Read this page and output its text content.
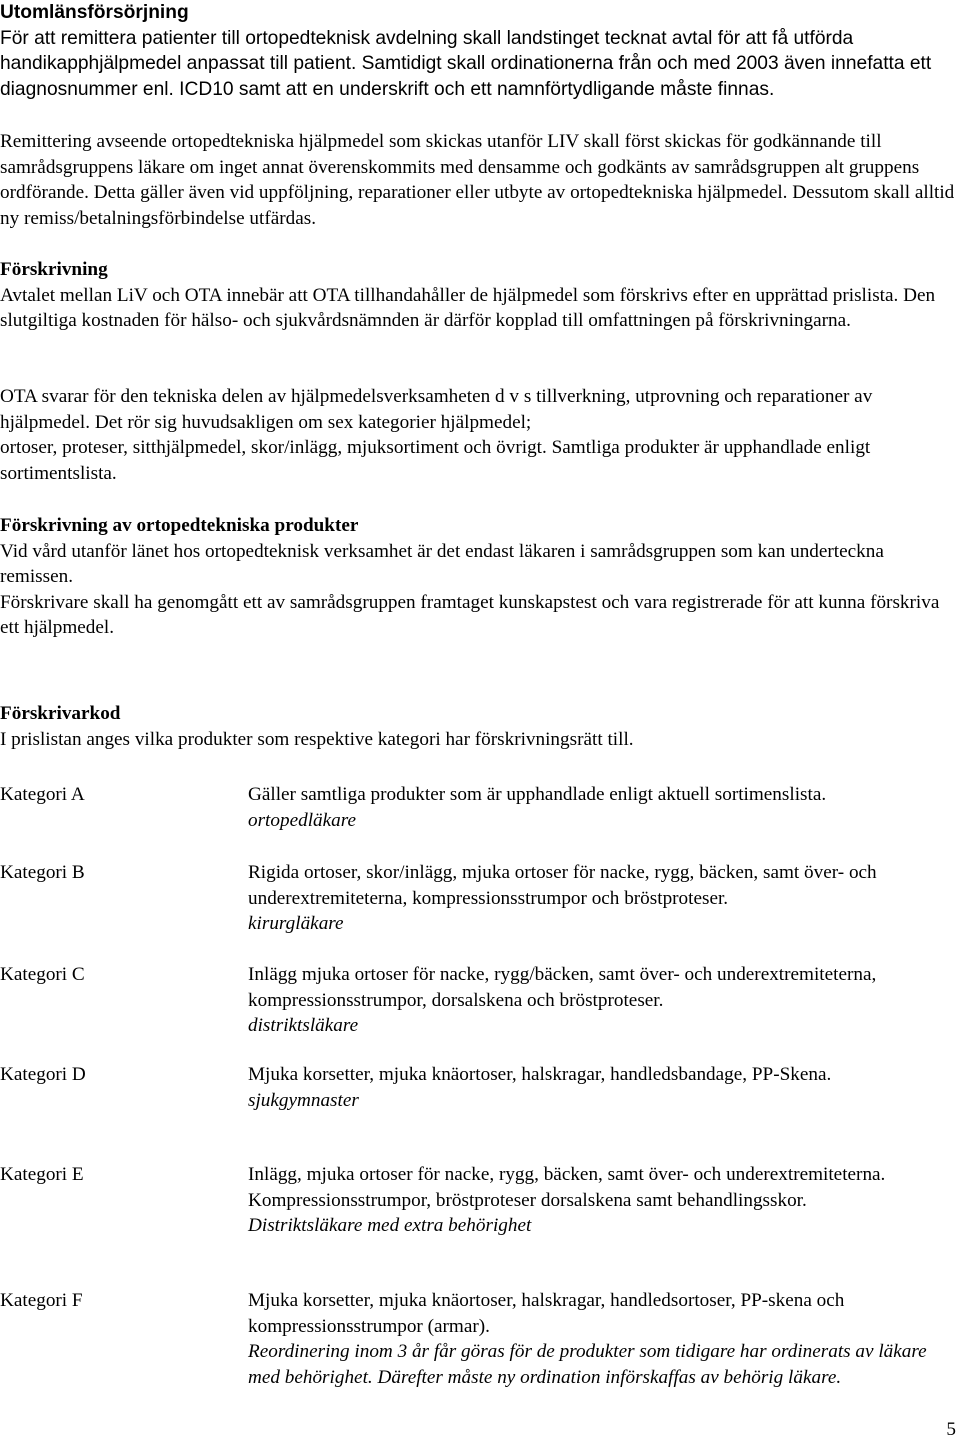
Utomlänsförsörjning

För att remittera patienter till ortopedteknisk avdelning skall landstinget tecknat avtal för att få utförda handikapphjälpmedel anpassat till patient. Samtidigt skall ordinationerna från och med 2003 även innefatta ett diagnosnummer enl. ICD10 samt att en underskrift och ett namnförtydligande måste finnas.

Remittering avseende ortopedtekniska hjälpmedel som skickas utanför LIV skall först skickas för godkännande till samrådsgruppens läkare om inget annat överenskommits med densamme och godkänts av samrådsgruppen alt gruppens ordförande. Detta gäller även vid uppföljning, reparationer eller utbyte av ortopedtekniska hjälpmedel. Dessutom skall alltid ny remiss/betalningsförbindelse utfärdas.

Förskrivning

Avtalet mellan LiV och OTA innebär att OTA tillhandahåller de hjälpmedel som förskrivs efter en upprättad prislista. Den slutgiltiga kostnaden för hälso- och sjukvårdsnämnden är därför kopplad till omfattningen på förskrivningarna.

OTA svarar för den tekniska delen av hjälpmedelsverksamheten d v s tillverkning, utprovning och reparationer av hjälpmedel. Det rör sig huvudsakligen om sex kategorier hjälpmedel;

ortoser, proteser, sitthjälpmedel, skor/inlägg, mjuksortiment och övrigt. Samtliga produkter är upphandlade enligt sortimentslista.

Förskrivning av ortopedtekniska produkter

Vid vård utanför länet hos ortopedteknisk verksamhet är det endast läkaren i samrådsgruppen som kan underteckna remissen.

Förskrivare skall ha genomgått ett av samrådsgruppen framtaget kunskapstest och vara registrerade för att kunna förskriva ett hjälpmedel.

Förskrivarkod

I prislistan anges vilka produkter som respektive kategori har förskrivningsrätt till.

Kategori A	Gäller samtliga produkter som är upphandlade enligt aktuell sortimenslista.
ortopedläkare
Kategori B	Rigida ortoser, skor/inlägg, mjuka ortoser för nacke, rygg, bäcken, samt över- och underextremiteterna, kompressionsstrumpor och bröstproteser.
kirurgläkare
Kategori C	Inlägg mjuka ortoser för nacke, rygg/bäcken, samt över- och underextremiteterna, kompressionsstrumpor, dorsalskena och bröstproteser.
distriktsläkare
Kategori D	Mjuka korsetter, mjuka knäortoser, halskragar, handledsbandage, PP-Skena.
sjukgymnaster
Kategori E	Inlägg, mjuka ortoser för nacke, rygg, bäcken, samt över- och underextremiteterna. Kompressionsstrumpor, bröstproteser dorsalskena samt behandlingsskor.
Distriktsläkare med extra behörighet
Kategori F	Mjuka korsetter, mjuka knäortoser, halskragar, handledsortoser, PP-skena och kompressionsstrumpor (armar).
Reordinering inom 3 år får göras för de produkter som tidigare har ordinerats av läkare med behörighet. Därefter måste ny ordination införskaffas av behörig läkare.
5
